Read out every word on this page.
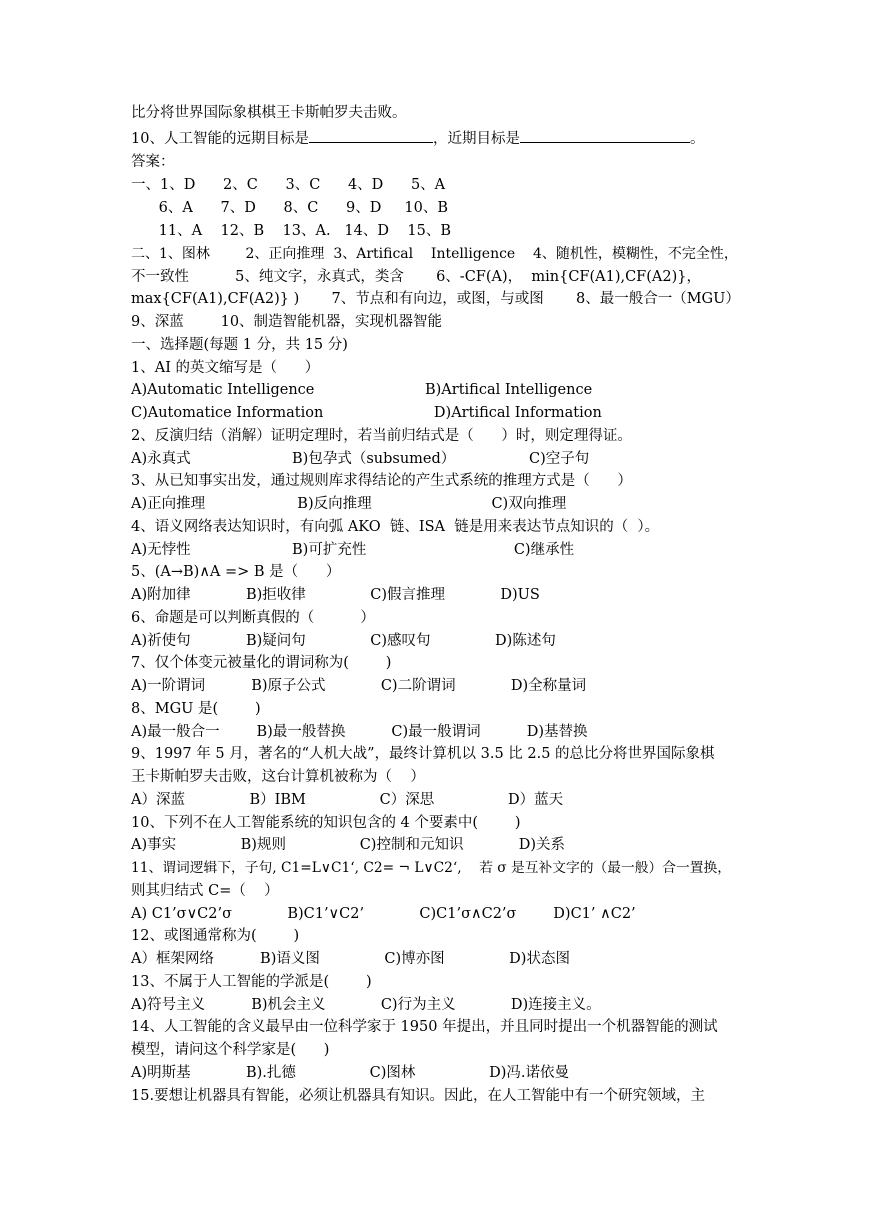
比分将世界国际象棋棋王卡斯帕罗夫击败。
10、人工智能的远期目标是	，近期目标是	。
答案：
一、1、D      2、C      3、C      4、D      5、A
6、A      7、D      8、C      9、D     10、B
11、A    12、B    13、A.   14、D    15、B
二、1、图林        2、正向推理  3、Artifical    Intelligence    4、随机性，模糊性，不完全性，
不一致性          5、纯文字，永真式，类含       6、-CF(A)，  min{CF(A1),CF(A2)}，
max{CF(A1),CF(A2)} )       7、节点和有向边，或图，与或图       8、最一般合一（MGU）
9、深蓝        10、制造智能机器，实现机器智能
一、选择题(每题 1 分，共 15 分)
1、AI 的英文缩写是（      ）
A)Automatic Intelligence                        B)Artifical Intelligence
C)Automatice Information                        D)Artifical Information
2、反演归结（消解）证明定理时，若当前归结式是（      ）时，则定理得证。
A)永真式                      B)包孕式（subsumed）                C)空子句
3、从已知事实出发，通过规则库求得结论的产生式系统的推理方式是（      ）
A)正向推理                    B)反向推理                          C)双向推理
4、语义网络表达知识时，有向弧 AKO  链、ISA  链是用来表达节点知识的（  ）。
A)无悖性                      B)可扩充性                                C)继承性
5、(A→B)∧A => B 是（      ）
A)附加律            B)拒收律              C)假言推理            D)US
6、命题是可以判断真假的（          ）
A)祈使句            B)疑问句              C)感叹句              D)陈述句
7、仅个体变元被量化的谓词称为(        )
A)一阶谓词          B)原子公式            C)二阶谓词            D)全称量词
8、MGU 是(        )
A)最一般合一        B)最一般替换          C)最一般谓词          D)基替换
9、1997 年 5 月，著名的“人机大战”，最终计算机以 3.5 比 2.5 的总比分将世界国际象棋
王卡斯帕罗夫击败，这台计算机被称为（    ）
A）深蓝              B）IBM                C）深思                D）蓝天
10、下列不在人工智能系统的知识包含的 4 个要素中(        )
A)事实              B)规则                C)控制和元知识            D)关系
11、谓词逻辑下，子句, C1=L∨C1‘, C2= ¬ L∨C2‘,    若 σ 是互补文字的（最一般）合一置换，
则其归结式 C=（    ）
A) C1’σ∨C2’σ            B)C1’∨C2’            C)C1’σ∧C2’σ        D)C1’ ∧C2’
12、或图通常称为(        )
A）框架网络          B)语义图              C)博亦图              D)状态图
13、不属于人工智能的学派是(        )
A)符号主义          B)机会主义            C)行为主义            D)连接主义。
14、人工智能的含义最早由一位科学家于 1950 年提出，并且同时提出一个机器智能的测试
模型，请问这个科学家是(      )
A)明斯基            B).扎德                C)图林                D)冯.诺依曼
15.要想让机器具有智能，必须让机器具有知识。因此，在人工智能中有一个研究领域，主
